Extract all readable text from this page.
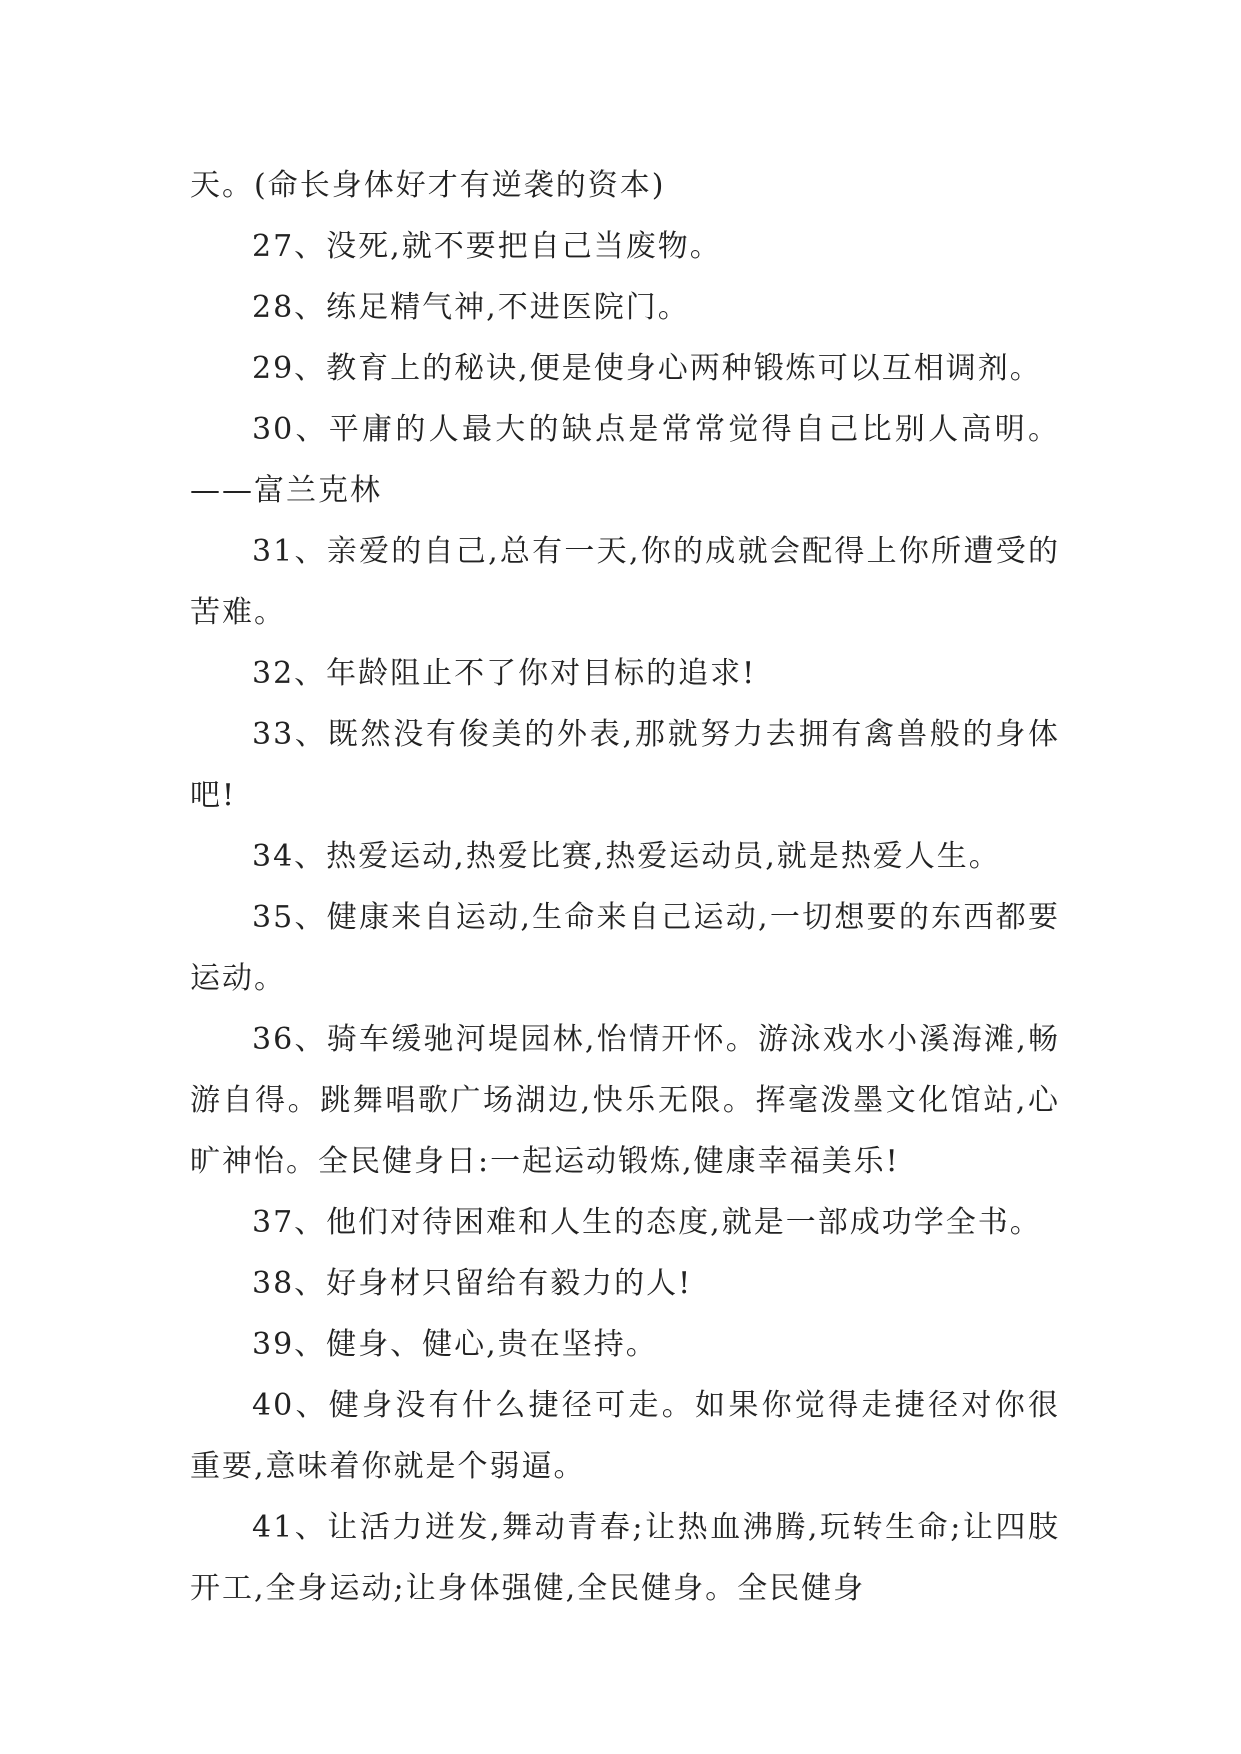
天。(命长身体好才有逆袭的资本)

27、没死,就不要把自己当废物。

28、练足精气神,不进医院门。

29、教育上的秘诀,便是使身心两种锻炼可以互相调剂。

30、平庸的人最大的缺点是常常觉得自己比别人高明。——富兰克林

31、亲爱的自己,总有一天,你的成就会配得上你所遭受的苦难。

32、年龄阻止不了你对目标的追求!

33、既然没有俊美的外表,那就努力去拥有禽兽般的身体吧!

34、热爱运动,热爱比赛,热爱运动员,就是热爱人生。

35、健康来自运动,生命来自己运动,一切想要的东西都要运动。

36、骑车缓驰河堤园林,怡情开怀。游泳戏水小溪海滩,畅游自得。跳舞唱歌广场湖边,快乐无限。挥毫泼墨文化馆站,心旷神怡。全民健身日:一起运动锻炼,健康幸福美乐!

37、他们对待困难和人生的态度,就是一部成功学全书。

38、好身材只留给有毅力的人!

39、健身、健心,贵在坚持。

40、健身没有什么捷径可走。如果你觉得走捷径对你很重要,意味着你就是个弱逼。

41、让活力迸发,舞动青春;让热血沸腾,玩转生命;让四肢开工,全身运动;让身体强健,全民健身。全民健身
